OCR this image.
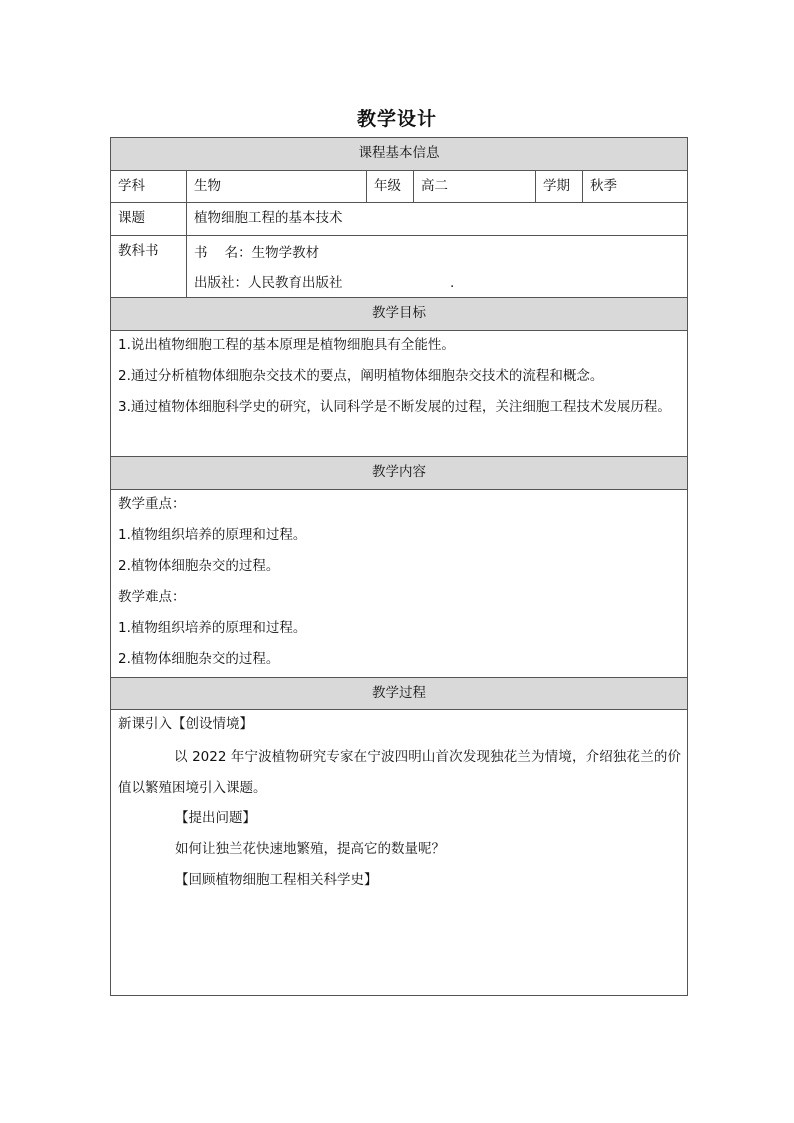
教学设计
课程基本信息
学科	生物	年级	高二	学期	秋季
课题	植物细胞工程的基本技术
教科书	书    名：生物学教材
出版社：人民教育出版社	.
教学目标
1.说出植物细胞工程的基本原理是植物细胞具有全能性。
2.通过分析植物体细胞杂交技术的要点，阐明植物体细胞杂交技术的流程和概念。
3.通过植物体细胞科学史的研究，认同科学是不断发展的过程，关注细胞工程技术发展历程。
教学内容
教学重点：
1.植物组织培养的原理和过程。
2.植物体细胞杂交的过程。
教学难点：
1.植物组织培养的原理和过程。
2.植物体细胞杂交的过程。
教学过程
新课引入【创设情境】
以 2022 年宁波植物研究专家在宁波四明山首次发现独花兰为情境，介绍独花兰的价值以繁殖困境引入课题。
【提出问题】
如何让独兰花快速地繁殖，提高它的数量呢？
【回顾植物细胞工程相关科学史】
